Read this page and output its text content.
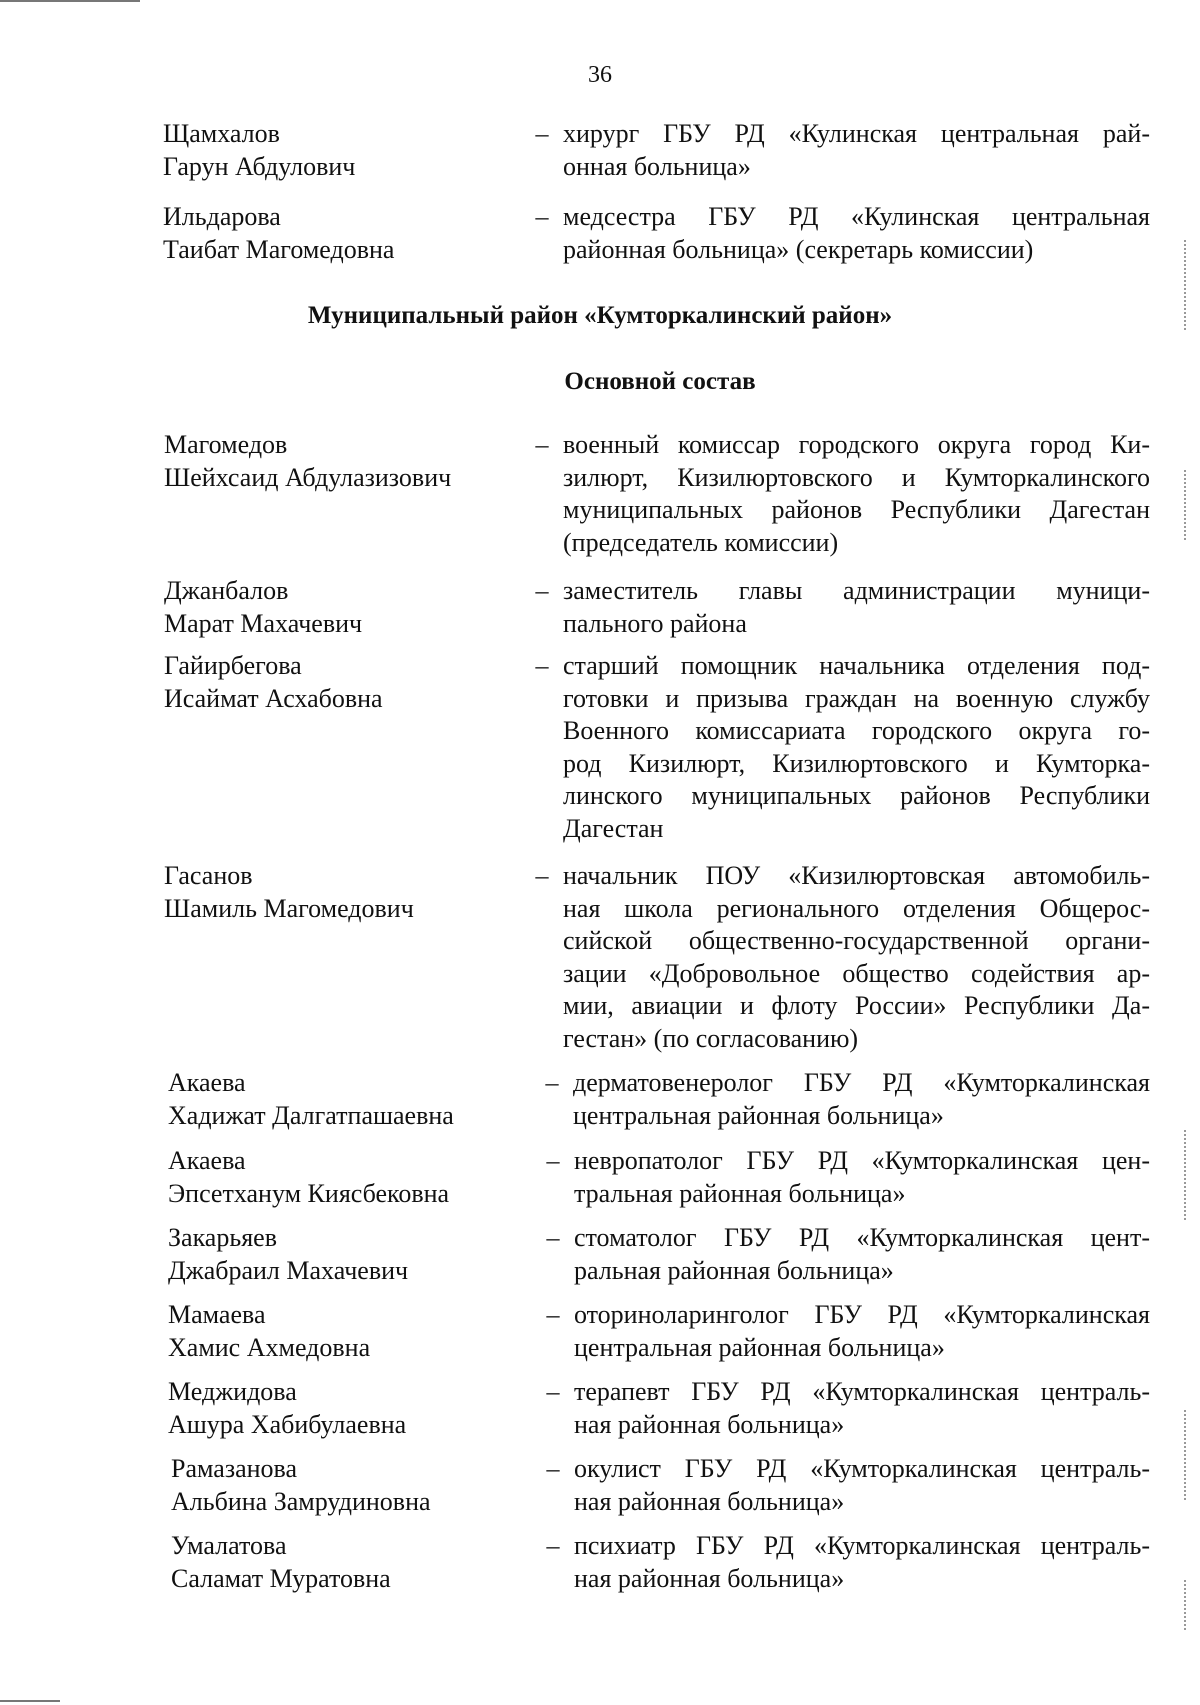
36
Щамхалов
Гарун Абдулович
– хирург ГБУ РД «Кулинская центральная рай-
онная больница»
Ильдарова
Таибат Магомедовна
– медсестра ГБУ РД «Кулинская центральная
районная больница» (секретарь комиссии)
Муниципальный район «Кумторкалинский район»
Основной состав
Магомедов
Шейхсаид Абдулазизович
– военный комиссар городского округа город Ки-
зилюрт, Кизилюртовского и Кумторкалинского
муниципальных районов Республики Дагестан
(председатель комиссии)
Джанбалов
Марат Махачевич
– заместитель главы администрации муници-
пального района
Гайирбегова
Исаймат Асхабовна
– старший помощник начальника отделения под-
готовки и призыва граждан на военную службу
Военного комиссариата городского округа го-
род Кизилюрт, Кизилюртовского и Кумторка-
линского муниципальных районов Республики
Дагестан
Гасанов
Шамиль Магомедович
– начальник ПОУ «Кизилюртовская автомобиль-
ная школа регионального отделения Общерос-
сийской общественно-государственной органи-
зации «Добровольное общество содействия ар-
мии, авиации и флоту России» Республики Да-
гестан» (по согласованию)
Акаева
Хадижат Далгатпашаевна
– дерматовенеролог ГБУ РД «Кумторкалинская
центральная районная больница»
Акаева
Эпсетханум Киясбековна
– невропатолог ГБУ РД «Кумторкалинская цен-
тральная районная больница»
Закарьяев
Джабраил Махачевич
– стоматолог ГБУ РД «Кумторкалинская цент-
ральная районная больница»
Мамаева
Хамис Ахмедовна
– оториноларинголог ГБУ РД «Кумторкалинская
центральная районная больница»
Меджидова
Ашура Хабибулаевна
– терапевт ГБУ РД «Кумторкалинская централь-
ная районная больница»
Рамазанова
Альбина Замрудиновна
– окулист ГБУ РД «Кумторкалинская централь-
ная районная больница»
Умалатова
Саламат Муратовна
– психиатр ГБУ РД «Кумторкалинская централь-
ная районная больница»
